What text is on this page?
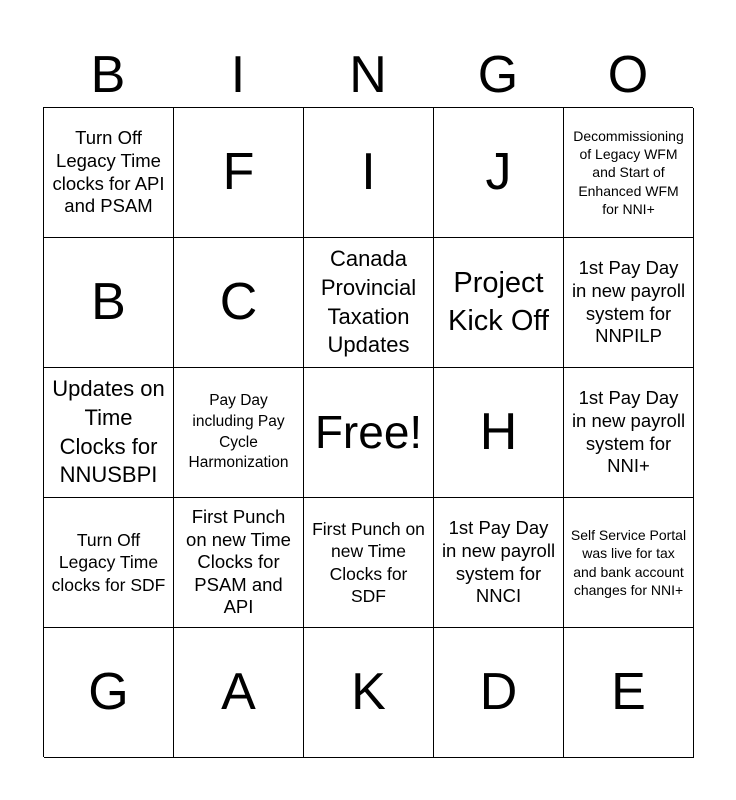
B	I	N	G	O
Turn Off Legacy Time clocks for API and PSAM
F I J
Decommissioning of Legacy WFM and Start of Enhanced WFM for NNI+
B C
Canada Provincial Taxation Updates
Project Kick Off
1st Pay Day in new payroll system for NNPILP
Updates on Time Clocks for NNUSBPI
Pay Day including Pay Cycle Harmonization
Free! H
1st Pay Day in new payroll system for NNI+
Turn Off Legacy Time clocks for SDF
First Punch on new Time Clocks for PSAM and API
First Punch on new Time Clocks for SDF
1st Pay Day in new payroll system for NNCI
Self Service Portal was live for tax and bank account changes for NNI+
G A K D E
